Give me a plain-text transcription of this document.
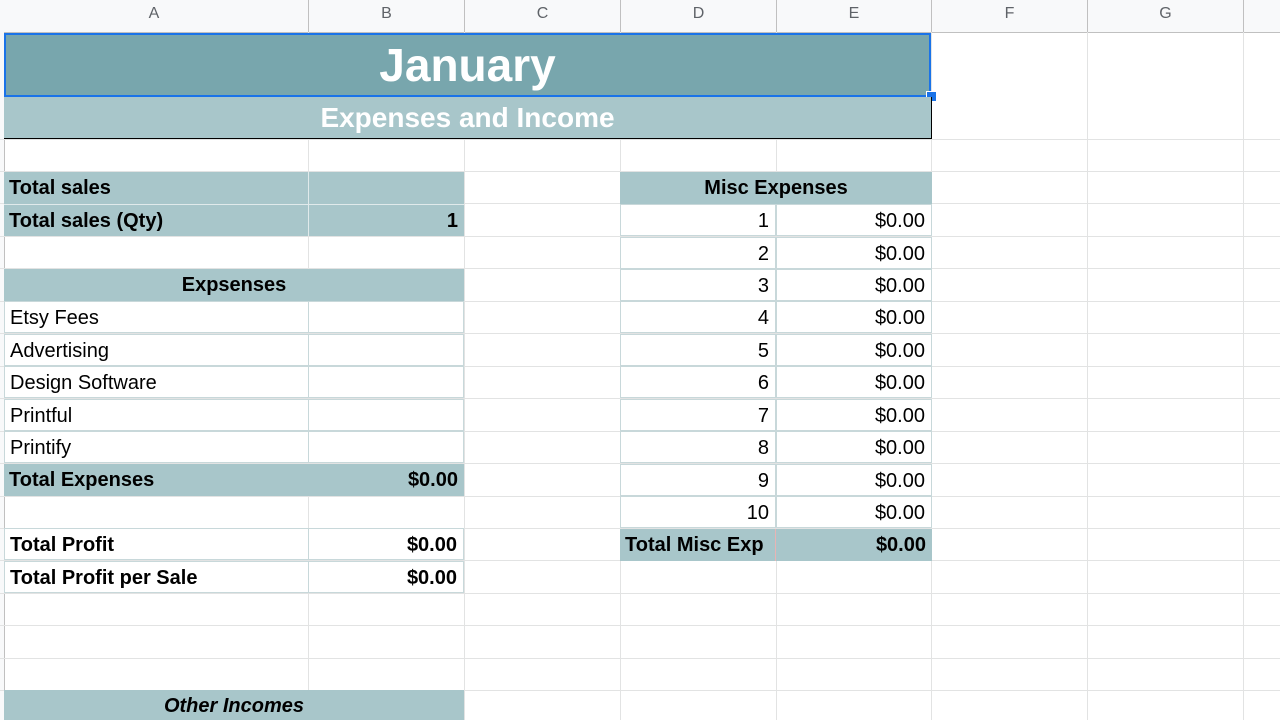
A	B	C	D	E	F	G
January
Expenses and Income
Total sales
Total sales (Qty)	1
Expsenses
Etsy Fees
Advertising
Design Software
Printful
Printify
Total Expenses	$0.00
Total Profit	$0.00
Total Profit per Sale	$0.00
Other Incomes
Misc Expenses
1	$0.00
2	$0.00
3	$0.00
4	$0.00
5	$0.00
6	$0.00
7	$0.00
8	$0.00
9	$0.00
10	$0.00
Total Misc Exp	$0.00
